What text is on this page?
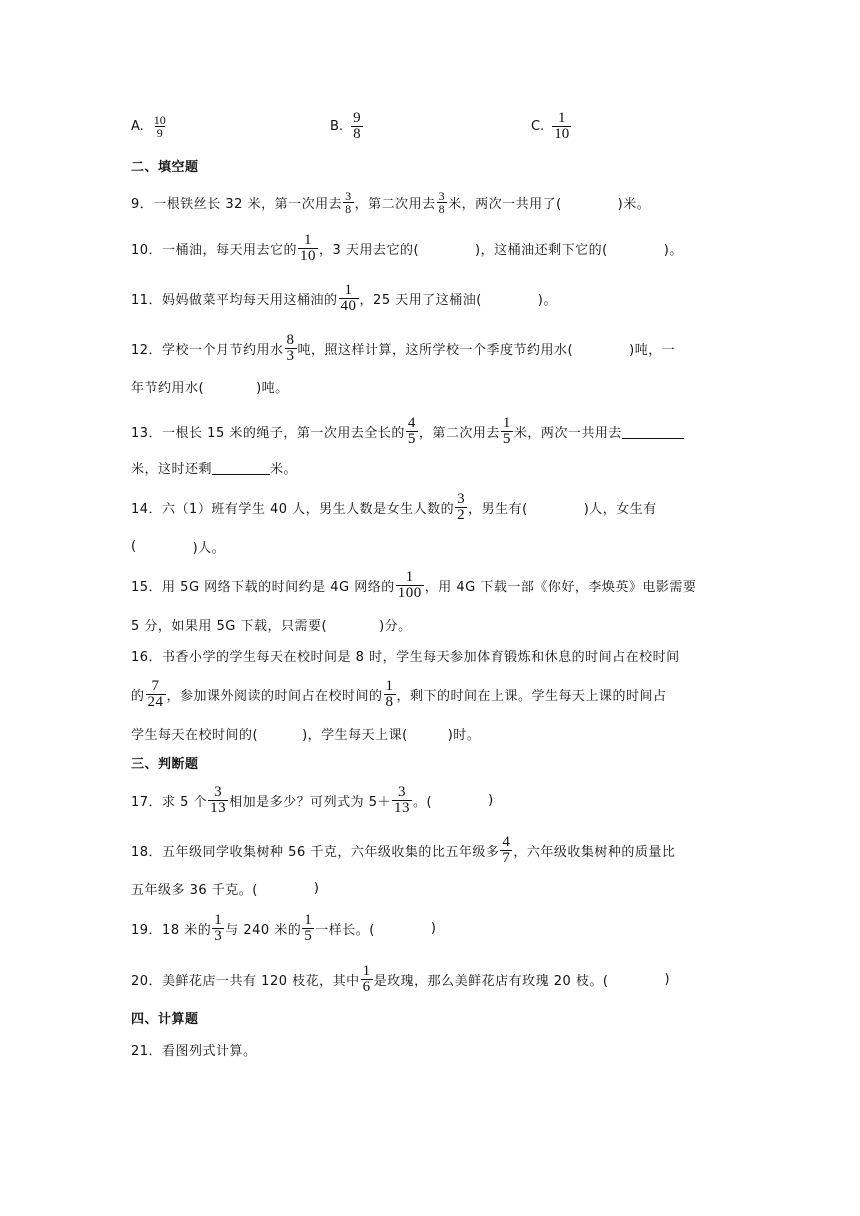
A. $\frac{10}{9}$	B. $\frac{9}{8}$	C. $\frac{1}{10}$
二、填空题
9．一根铁丝长 32 米，第一次用去 $\frac{3}{8}$ ，第二次用去 $\frac{3}{8}$ 米，两次一共用了(	)米。
10．一桶油，每天用去它的 $\frac{1}{10}$ ，3 天用去它的(	)，这桶油还剩下它的(	)。
11．妈妈做菜平均每天用这桶油的 $\frac{1}{40}$ ，25 天用了这桶油(	)。
12．学校一个月节约用水 $\frac{8}{3}$ 吨，照这样计算，这所学校一个季度节约用水(	)吨，一
年节约用水(	)吨。
13．一根长 15 米的绳子，第一次用去全长的 $\frac{4}{5}$ ，第二次用去 $\frac{1}{5}$ 米，两次一共用去
米，这时还剩	米。
14．六（1）班有学生 40 人，男生人数是女生人数的 $\frac{3}{2}$ ，男生有(	)人，女生有
(	)人。
15．用 5G 网络下载的时间约是 4G 网络的 $\frac{1}{100}$ ，用 4G 下载一部《你好，李焕英》电影需要
5 分，如果用 5G 下载，只需要(	)分。
16．书香小学的学生每天在校时间是 8 时，学生每天参加体育锻炼和休息的时间占在校时间
的 $\frac{7}{24}$ ，参加课外阅读的时间占在校时间的 $\frac{1}{8}$ ，剩下的时间在上课。学生每天上课的时间占
学生每天在校时间的(	)，学生每天上课(	)时。
三、判断题
17．求 5 个 $\frac{3}{13}$ 相加是多少？可列式为 $5+ \frac{3}{13}$ 。(	)
18．五年级同学收集树种 56 千克，六年级收集的比五年级多 $\frac{4}{7}$ ，六年级收集树种的质量比
五年级多 36 千克。(	)
19．18 米的 $\frac{1}{3}$ 与 240 米的 $\frac{1}{5}$ 一样长。(	)
20．美鲜花店一共有 120 枝花，其中 $\frac{1}{6}$ 是玫瑰，那么美鲜花店有玫瑰 20 枝。(	)
四、计算题
21．看图列式计算。
